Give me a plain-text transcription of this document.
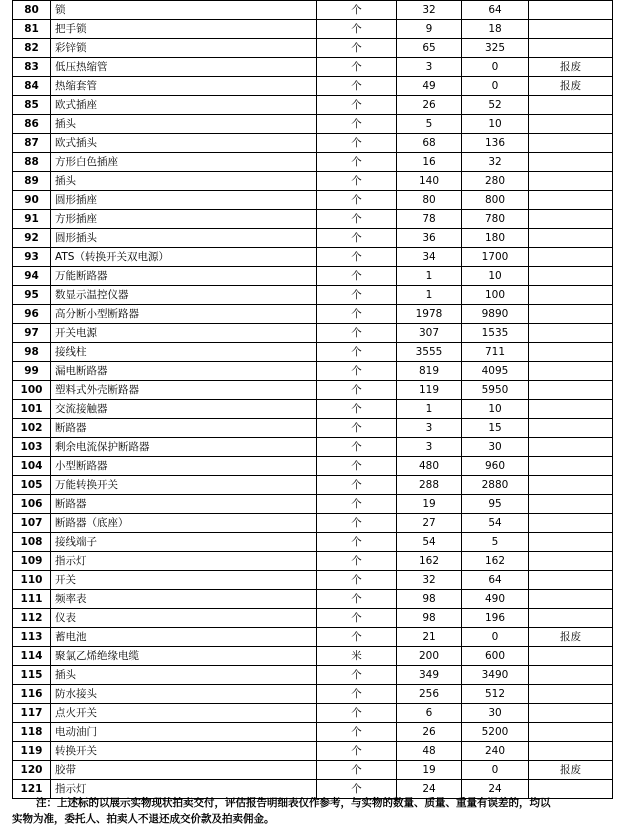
80	锁	个	32	64	
81	把手锁	个	9	18	
82	彩锌锁	个	65	325	
83	低压热缩管	个	3	0	报废
84	热缩套管	个	49	0	报废
85	欧式插座	个	26	52	
86	插头	个	5	10	
87	欧式插头	个	68	136	
88	方形白色插座	个	16	32	
89	插头	个	140	280	
90	圆形插座	个	80	800	
91	方形插座	个	78	780	
92	圆形插头	个	36	180	
93	ATS（转换开关双电源）	个	34	1700	
94	万能断路器	个	1	10	
95	数显示温控仪器	个	1	100	
96	高分断小型断路器	个	1978	9890	
97	开关电源	个	307	1535	
98	接线柱	个	3555	711	
99	漏电断路器	个	819	4095	
100	塑料式外壳断路器	个	119	5950	
101	交流接触器	个	1	10	
102	断路器	个	3	15	
103	剩余电流保护断路器	个	3	30	
104	小型断路器	个	480	960	
105	万能转换开关	个	288	2880	
106	断路器	个	19	95	
107	断路器（底座）	个	27	54	
108	接线端子	个	54	5	
109	指示灯	个	162	162	
110	开关	个	32	64	
111	频率表	个	98	490	
112	仪表	个	98	196	
113	蓄电池	个	21	0	报废
114	聚氯乙烯绝缘电缆	米	200	600	
115	插头	个	349	3490	
116	防水接头	个	256	512	
117	点火开关	个	6	30	
118	电动油门	个	26	5200	
119	转换开关	个	48	240	
120	胶带	个	19	0	报废
121	指示灯	个	24	24	
注：上述标的以展示实物现状拍卖交付，评估报告明细表仅作参考，与实物的数量、质量、重量有误差的，均以
实物为准，委托人、拍卖人不退还成交价款及拍卖佣金。
